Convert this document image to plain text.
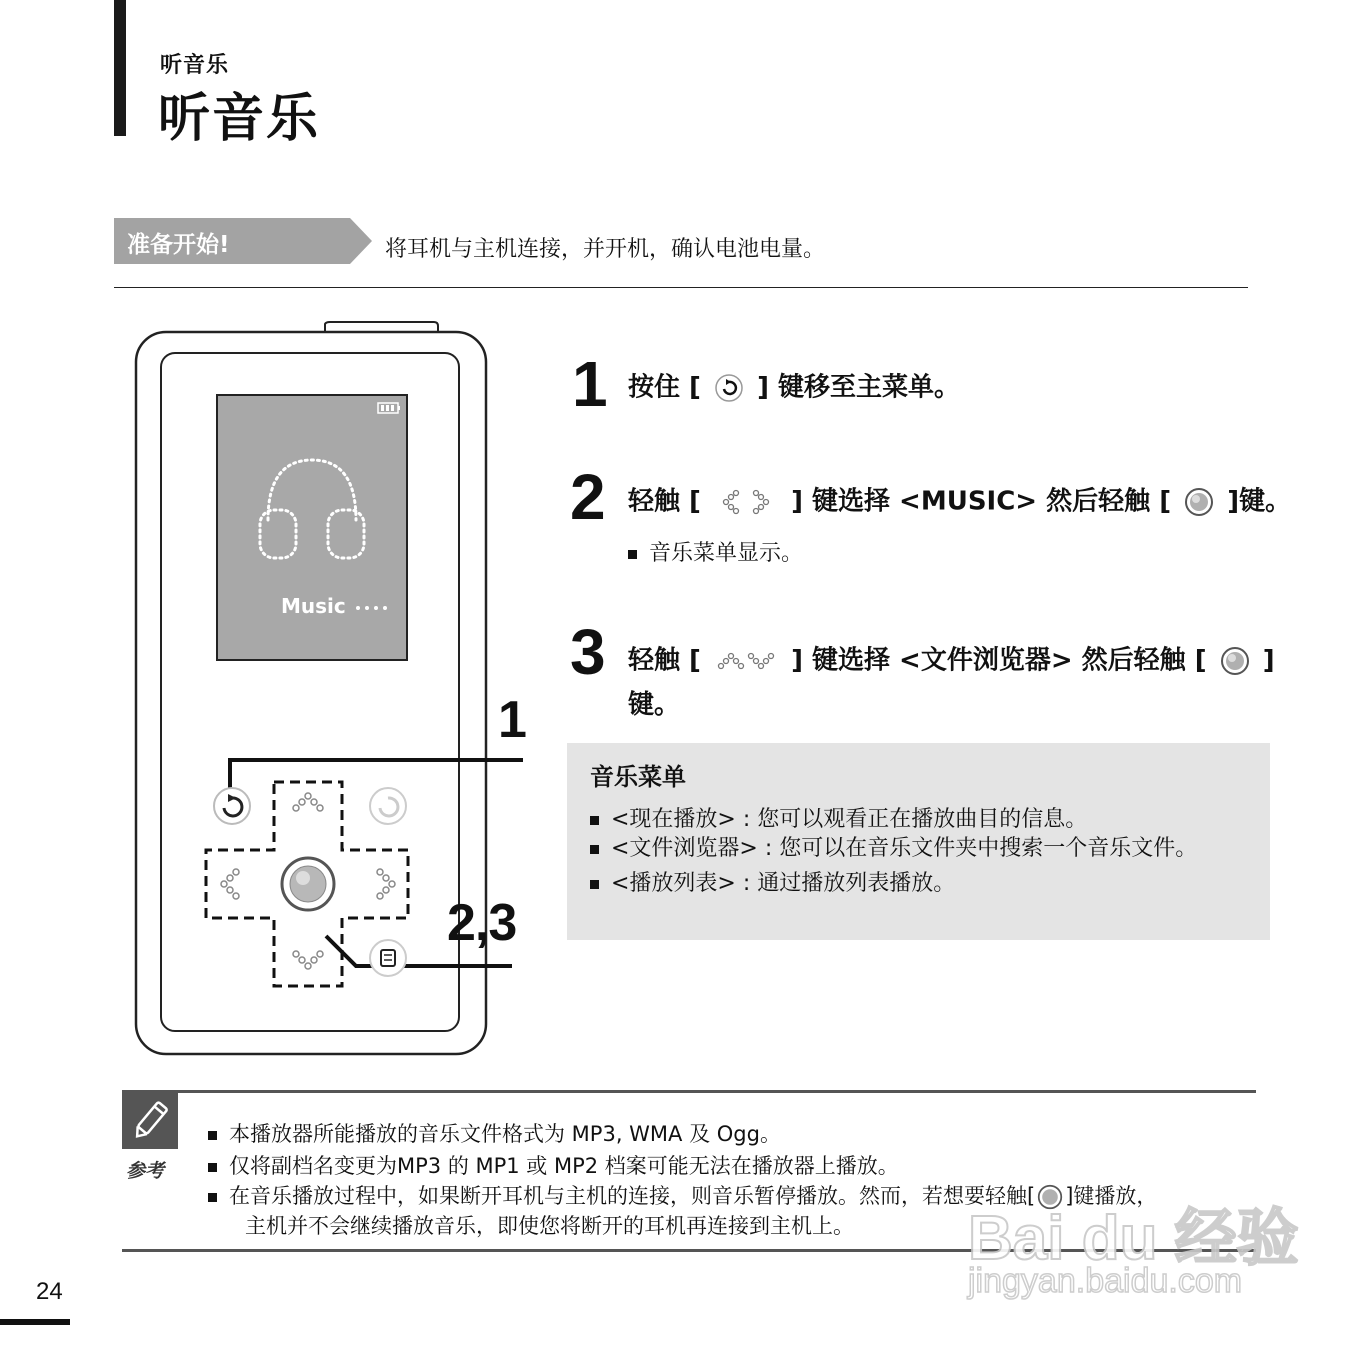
听音乐
听音乐
准备开始!	将耳机与主机连接，并开机，确认电池电量。
Music
1
2,3
1 按住 [ ] 键移至主菜单。
2 轻触 [	] 键选择 <MUSIC> 然后轻触 [ ]键。
音乐菜单显示。
3 轻触 [	] 键选择 <文件浏览器> 然后轻触 [ ]
键。
音乐菜单
<现在播放> : 您可以观看正在播放曲目的信息。
<文件浏览器> : 您可以在音乐文件夹中搜索一个音乐文件。
<播放列表> : 通过播放列表播放。
参考
本播放器所能播放的音乐文件格式为 MP3, WMA 及 Ogg。
仅将副档名变更为MP3 的 MP1 或 MP2 档案可能无法在播放器上播放。
在音乐播放过程中，如果断开耳机与主机的连接，则音乐暂停播放。然而，若想要轻触[ ]键播放，
主机并不会继续播放音乐，即使您将断开的耳机再连接到主机上。
24
Bai du 经验
jingyan.baidu.com
